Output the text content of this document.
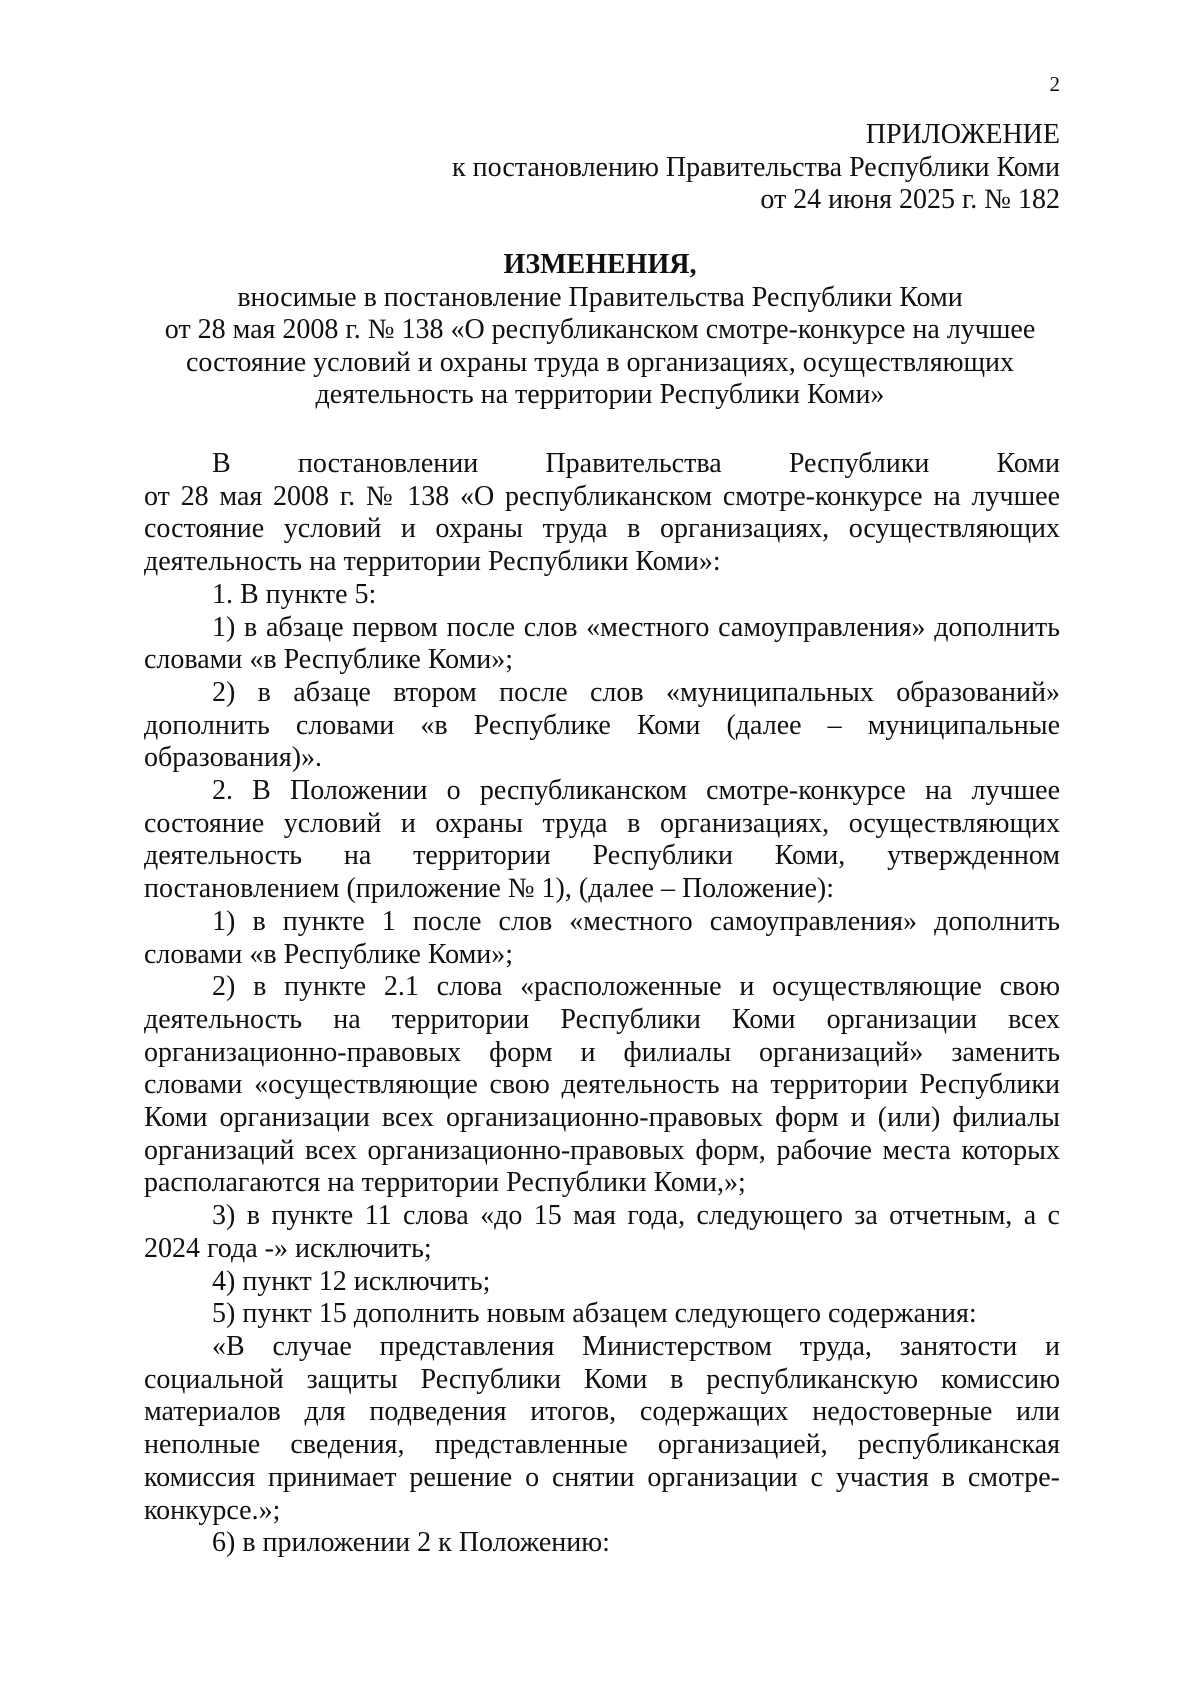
2
ПРИЛОЖЕНИЕ
к постановлению Правительства Республики Коми
от 24 июня 2025 г. № 182
ИЗМЕНЕНИЯ,
вносимые в постановление Правительства Республики Коми
от 28 мая 2008 г. № 138 «О республиканском смотре-конкурсе на лучшее
состояние условий и охраны труда в организациях, осуществляющих
деятельность на территории Республики Коми»

В постановлении Правительства Республики Коми

от 28 мая 2008 г. № 138 «О республиканском смотре-конкурсе на лучшее состояние условий и охраны труда в организациях, осуществляющих деятельность на территории Республики Коми»:

1. В пункте 5:

1) в абзаце первом после слов «местного самоуправления» дополнить словами «в Республике Коми»;

2) в абзаце втором после слов «муниципальных образований» дополнить словами «в Республике Коми (далее – муниципальные образования)».

2. В Положении о республиканском смотре-конкурсе на лучшее состояние условий и охраны труда в организациях, осуществляющих деятельность на территории Республики Коми, утвержденном постановлением (приложение № 1), (далее – Положение):

1) в пункте 1 после слов «местного самоуправления» дополнить словами «в Республике Коми»;

2) в пункте 2.1 слова «расположенные и осуществляющие свою деятельность на территории Республики Коми организации всех организационно-правовых форм и филиалы организаций» заменить словами «осуществляющие свою деятельность на территории Республики Коми организации всех организационно-правовых форм и (или) филиалы организаций всех организационно-правовых форм, рабочие места которых располагаются на территории Республики Коми,»;

3) в пункте 11 слова «до 15 мая года, следующего за отчетным, а с 2024 года -» исключить;

4) пункт 12 исключить;

5) пункт 15 дополнить новым абзацем следующего содержания:

«В случае представления Министерством труда, занятости и социальной защиты Республики Коми в республиканскую комиссию материалов для подведения итогов, содержащих недостоверные или неполные сведения, представленные организацией, республиканская комиссия принимает решение о снятии организации с участия в смотре-конкурсе.»;

6) в приложении 2 к Положению:
